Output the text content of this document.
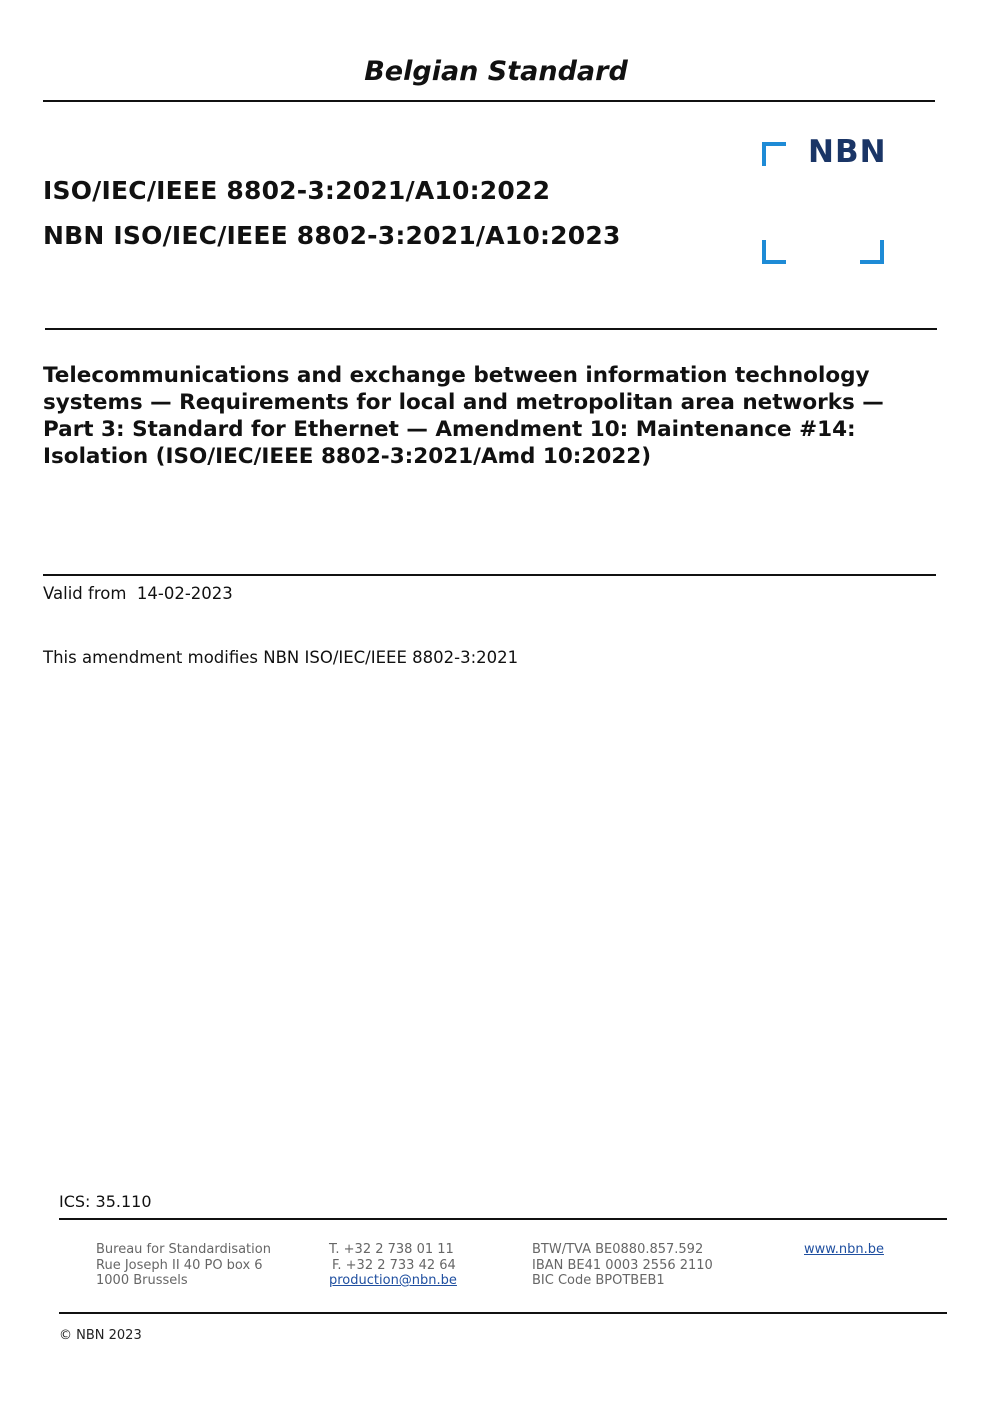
Belgian Standard
ISO/IEC/IEEE 8802-3:2021/A10:2022
NBN ISO/IEC/IEEE 8802-3:2021/A10:2023
NBN
Telecommunications and exchange between information technology systems — Requirements for local and metropolitan area networks — Part 3: Standard for Ethernet — Amendment 10: Maintenance #14: Isolation (ISO/IEC/IEEE 8802-3:2021/Amd 10:2022)
Valid from 14-02-2023
This amendment modifies NBN ISO/IEC/IEEE 8802-3:2021
ICS: 35.110
Bureau for Standardisation
Rue Joseph II 40 PO box 6
1000 Brussels
T. +32 2 738 01 11
F. +32 2 733 42 64
production@nbn.be
BTW/TVA BE0880.857.592
IBAN BE41 0003 2556 2110
BIC Code BPOTBEB1
www.nbn.be
© NBN 2023
